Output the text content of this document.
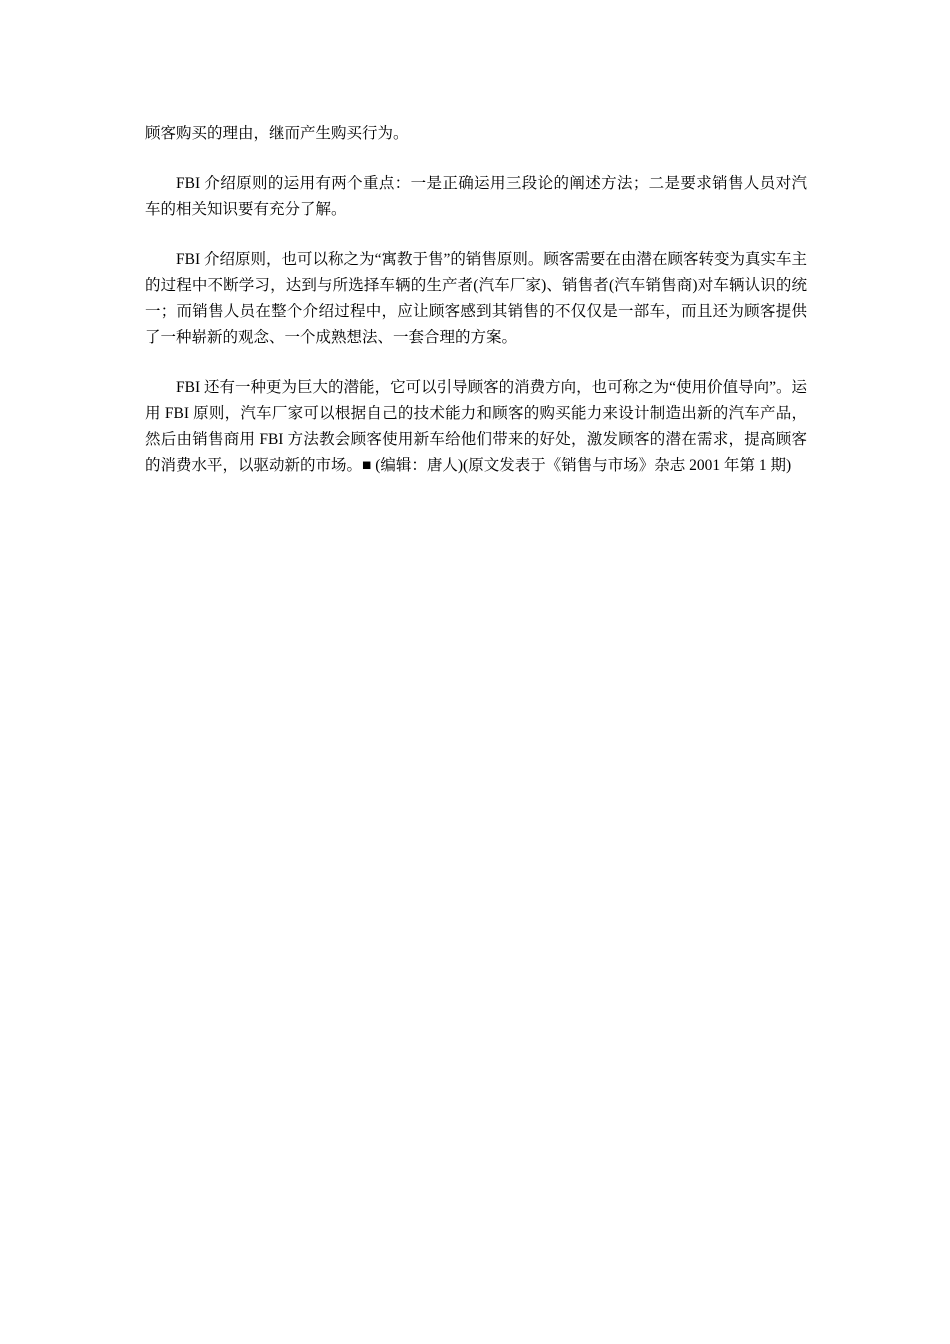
顾客购买的理由，继而产生购买行为。

FBI 介绍原则的运用有两个重点：一是正确运用三段论的阐述方法；二是要求销售人员对汽车的相关知识要有充分了解。

FBI 介绍原则，也可以称之为“寓教于售”的销售原则。顾客需要在由潜在顾客转变为真实车主的过程中不断学习，达到与所选择车辆的生产者(汽车厂家)、销售者(汽车销售商)对车辆认识的统一；而销售人员在整个介绍过程中，应让顾客感到其销售的不仅仅是一部车，而且还为顾客提供了一种崭新的观念、一个成熟想法、一套合理的方案。

FBI 还有一种更为巨大的潜能，它可以引导顾客的消费方向，也可称之为“使用价值导向”。运用 FBI 原则，汽车厂家可以根据自己的技术能力和顾客的购买能力来设计制造出新的汽车产品，然后由销售商用 FBI 方法教会顾客使用新车给他们带来的好处，激发顾客的潜在需求，提高顾客的消费水平，以驱动新的市场。■ (编辑：唐人)(原文发表于《销售与市场》杂志 2001 年第 1 期)
